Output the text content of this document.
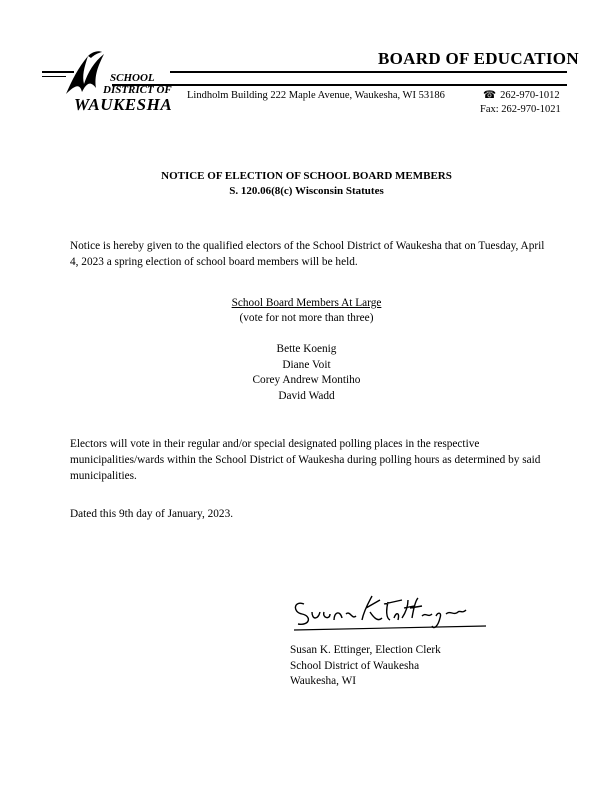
BOARD OF EDUCATION
SCHOOL
DISTRICT OF
WAUKESHA Lindholm Building 222 Maple Avenue, Waukesha, WI 53186	☎ 262-970-1012
Fax: 262-970-1021
NOTICE OF ELECTION OF SCHOOL BOARD MEMBERS
S. 120.06(8(c) Wisconsin Statutes
Notice is hereby given to the qualified electors of the School District of Waukesha that on Tuesday, April 4, 2023 a spring election of school board members will be held.
School Board Members At Large
(vote for not more than three)
Bette Koenig
Diane Voit
Corey Andrew Montiho
David Wadd
Electors will vote in their regular and/or special designated polling places in the respective municipalities/wards within the School District of Waukesha during polling hours as determined by said municipalities.
Dated this 9th day of January, 2023.
Susan K. Ettinger, Election Clerk
School District of Waukesha
Waukesha, WI
